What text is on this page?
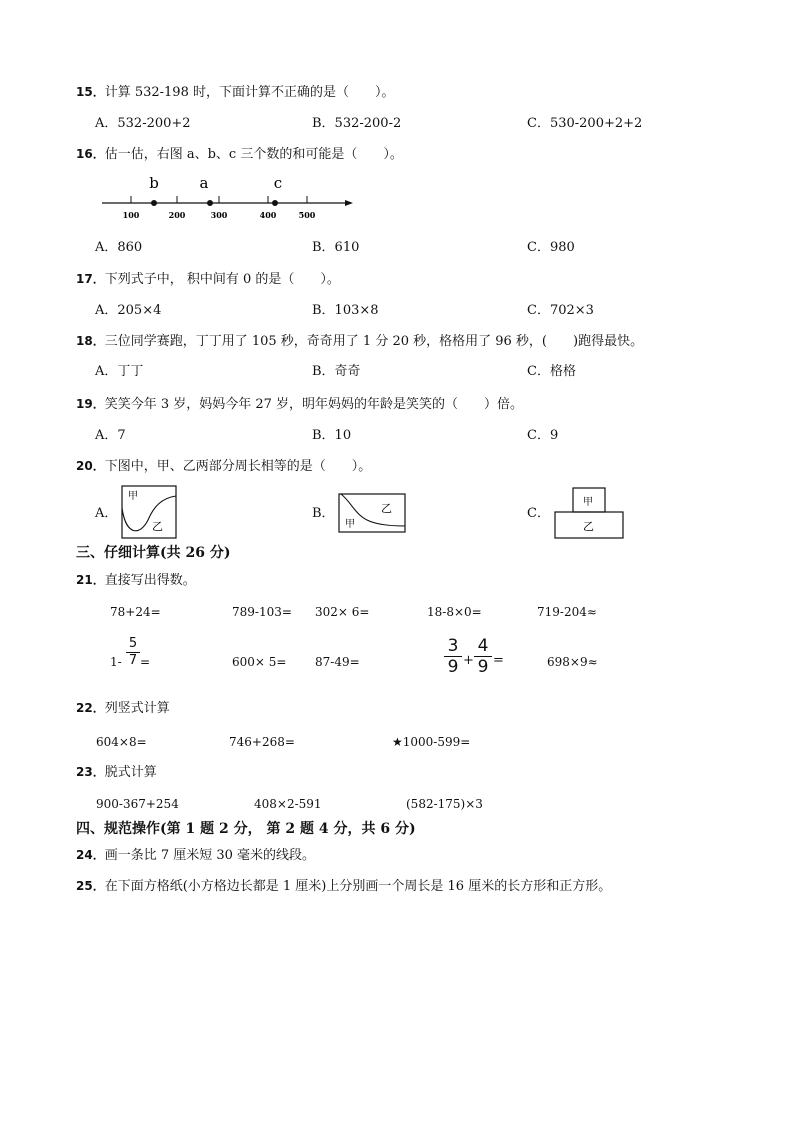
15．计算 532-198 时，下面计算不正确的是（　　）。
A．532-200+2	B．532-200-2	C．530-200+2+2
16．估一估，右图 a、b、c 三个数的和可能是（　　）。
b	a	c
100	200	300	400	500
A．860	B．610	C．980
17．下列式子中， 积中间有 0 的是（　　）。
A．205×4	B．103×8	C．702×3
18．三位同学赛跑，丁丁用了 105 秒，奇奇用了 1 分 20 秒，格格用了 96 秒，(　　)跑得最快。
A．丁丁	B．奇奇	C．格格
19．笑笑今年 3 岁，妈妈今年 27 岁，明年妈妈的年龄是笑笑的（　　）倍。
A．7	B．10	C．9
20．下图中，甲、乙两部分周长相等的是（　　）。
A．
甲
乙
B．
甲
乙	C．
甲
乙
三、仔细计算(共 26 分)
21．直接写出得数。
78+24=	789-103= 302× 6=	18-8×0=	719-204≈
$1- \frac{5}{7}$ =	600× 5= 87-49=	$\frac{3}{9} + \frac{4}{9}$ =	698×9≈
22．列竖式计算
604×8=	746+268=	★1000-599=
23．脱式计算
900-367+254	408×2-591	(582-175)×3
四、规范操作(第 1 题 2 分， 第 2 题 4 分，共 6 分)
24．画一条比 7 厘米短 30 毫米的线段。
25．在下面方格纸(小方格边长都是 1 厘米)上分别画一个周长是 16 厘米的长方形和正方形。
